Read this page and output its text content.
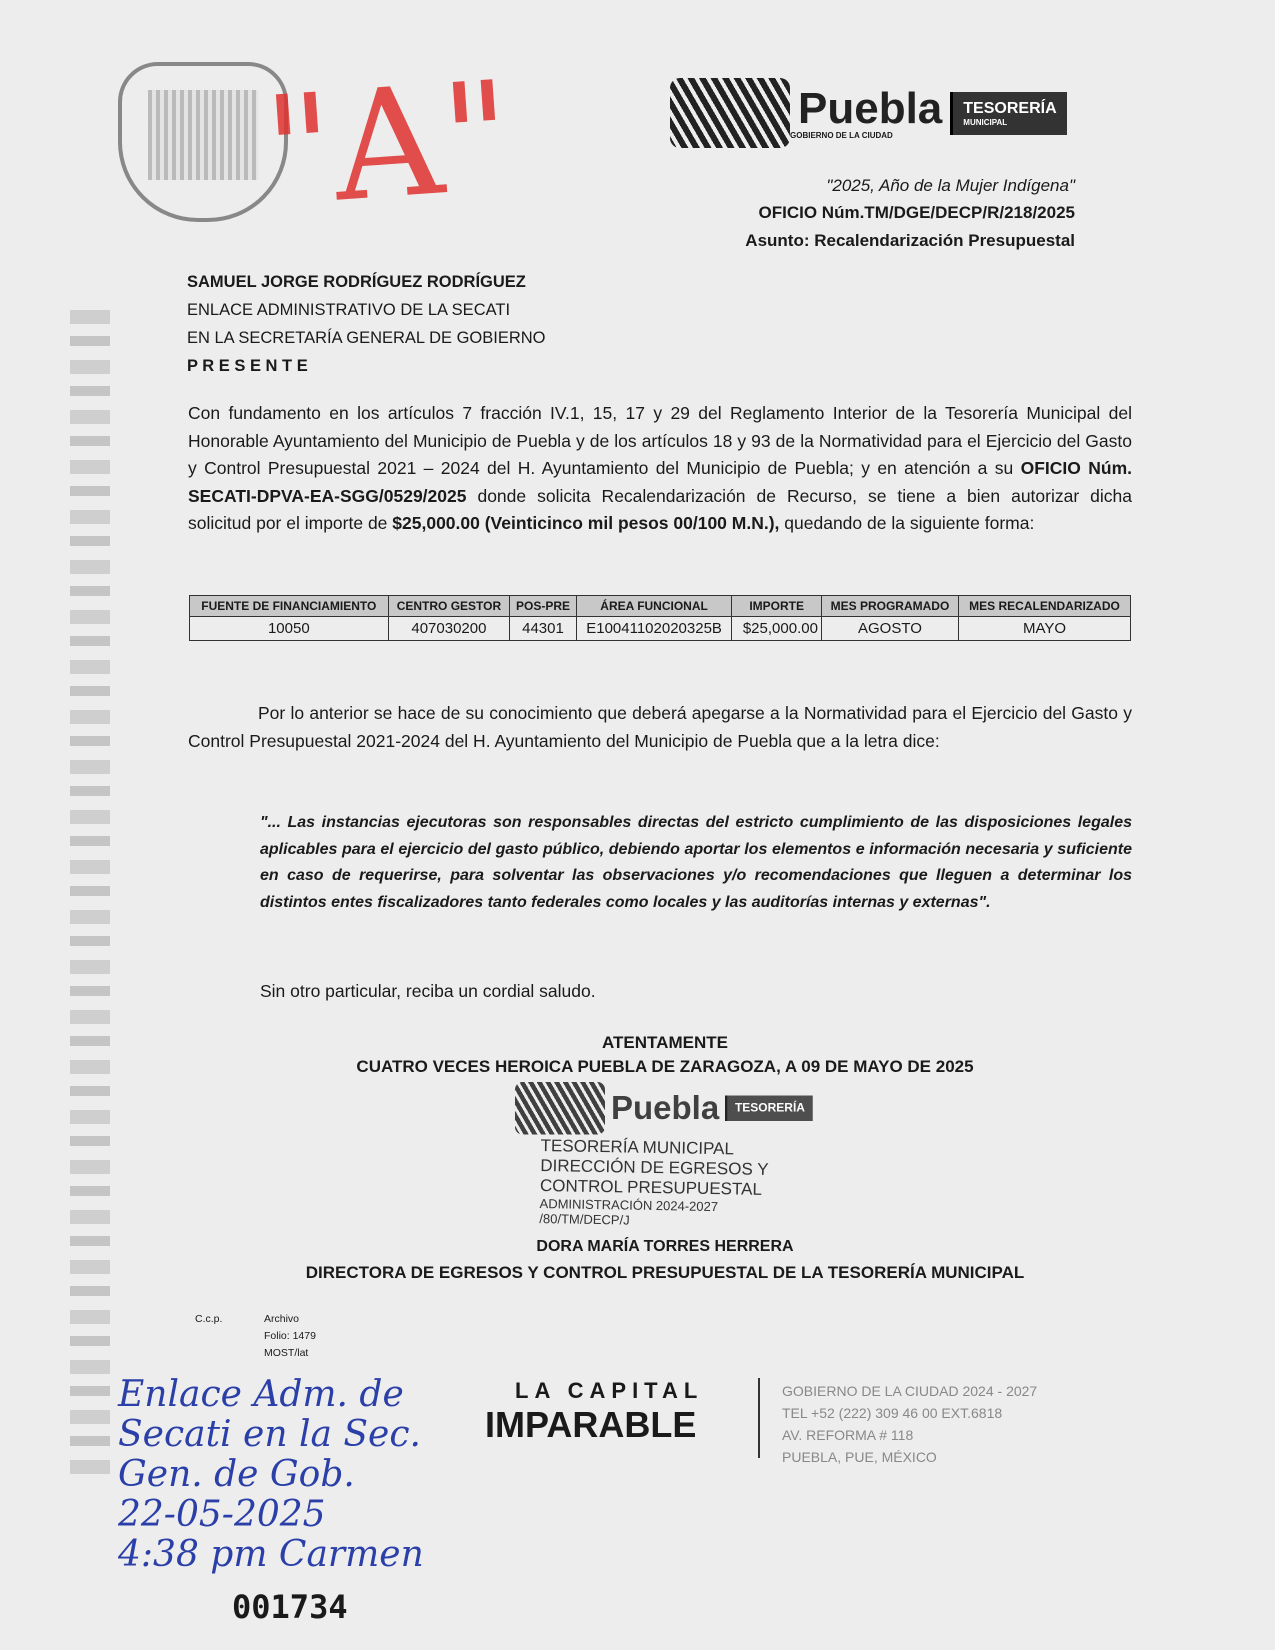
"A"	Puebla
GOBIERNO DE LA CIUDAD
TESORERÍA
MUNICIPAL
"2025, Año de la Mujer Indígena"
OFICIO Núm.TM/DGE/DECP/R/218/2025
Asunto: Recalendarización Presupuestal
SAMUEL JORGE RODRÍGUEZ RODRÍGUEZ
ENLACE ADMINISTRATIVO DE LA SECATI
EN LA SECRETARÍA GENERAL DE GOBIERNO
P R E S E N T E
Con fundamento en los artículos 7 fracción IV.1, 15, 17 y 29 del Reglamento Interior de la Tesorería Municipal del Honorable Ayuntamiento del Municipio de Puebla y de los artículos 18 y 93 de la Normatividad para el Ejercicio del Gasto y Control Presupuestal 2021 – 2024 del H. Ayuntamiento del Municipio de Puebla; y en atención a su OFICIO Núm. SECATI-DPVA-EA-SGG/0529/2025 donde solicita Recalendarización de Recurso, se tiene a bien autorizar dicha solicitud por el importe de $25,000.00 (Veinticinco mil pesos 00/100 M.N.), quedando de la siguiente forma:
FUENTE DE FINANCIAMIENTO	CENTRO GESTOR	POS-PRE	ÁREA FUNCIONAL	IMPORTE	MES PROGRAMADO	MES RECALENDARIZADO
10050	407030200	44301	E10041102020325B	$25,000.00	AGOSTO	MAYO
Por lo anterior se hace de su conocimiento que deberá apegarse a la Normatividad para el Ejercicio del Gasto y Control Presupuestal 2021-2024 del H. Ayuntamiento del Municipio de Puebla que a la letra dice:
"... Las instancias ejecutoras son responsables directas del estricto cumplimiento de las disposiciones legales aplicables para el ejercicio del gasto público, debiendo aportar los elementos e información necesaria y suficiente en caso de requerirse, para solventar las observaciones y/o recomendaciones que lleguen a determinar los distintos entes fiscalizadores tanto federales como locales y las auditorías internas y externas".
Sin otro particular, reciba un cordial saludo.
ATENTAMENTE
CUATRO VECES HEROICA PUEBLA DE ZARAGOZA, A 09 DE MAYO DE 2025
Puebla TESORERÍA
TESORERÍA MUNICIPAL
DIRECCIÓN DE EGRESOS Y
CONTROL PRESUPUESTAL
ADMINISTRACIÓN 2024-2027
/80/TM/DECP/J
DORA MARÍA TORRES HERRERA
DIRECTORA DE EGRESOS Y CONTROL PRESUPUESTAL DE LA TESORERÍA MUNICIPAL
C.c.p.	Archivo
Folio: 1479
MOST/lat
LA CAPITAL
IMPARABLE
GOBIERNO DE LA CIUDAD 2024 - 2027
TEL +52 (222) 309 46 00 EXT.6818
AV. REFORMA # 118
PUEBLA, PUE, MÉXICO
Enlace Adm. de
Secati en la Sec.
Gen. de Gob.
22-05-2025
4:38 pm Carmen
001734
